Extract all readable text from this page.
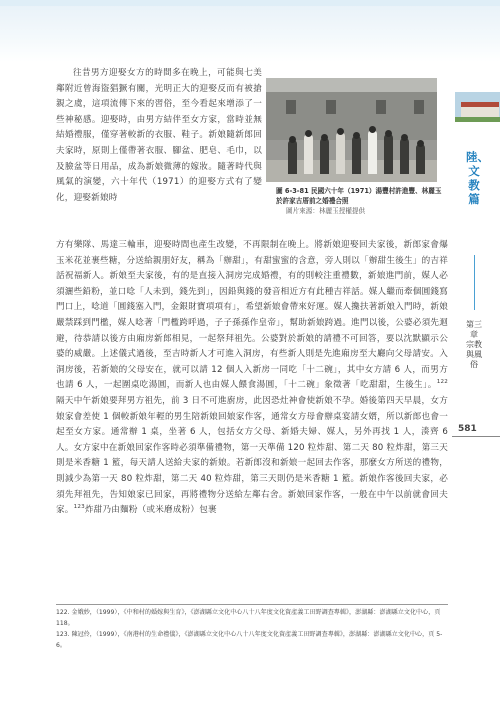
圖 6-3-81 民國六十年（1971）湯豐村許進豐、林麗玉於許家古厝前之婚禮合照
圖片來源：林麗玉授權提供

往昔男方迎娶女方的時間多在晚上，可能與七美鄰附近曾海盜猖獗有關，光明正大的迎娶反而有被搶親之虞，這項流傳下來的習俗，至今看起來增添了一些神秘感。迎娶時，由男方結伴至女方家，當時並無結婚禮服，僅穿著較新的衣服、鞋子。新娘隨新郎回夫家時，原則上僅帶著衣服、腳盆、肥皂、毛巾，以及臉盆等日用品，成為新娘微薄的嫁妝。隨著時代與風氣的演變，六十年代（1971）的迎娶方式有了變化，迎娶新娘時

方有樂隊、馬達三輪車，迎娶時間也產生改變，不再限制在晚上。將新娘迎娶回夫家後，新郎家會爆玉米花並裹些糖，分送給親朋好友，稱為「辦甜」，有甜蜜蜜的含意，旁人則以「辦甜生後生」的吉祥話祝福新人。新娘至夫家後，有的是直接入洞房完成婚禮，有的則較注重禮數，新娘進門前，媒人必須灑些鉛粉，並口唸「人未到，錢先到」，因鉛與錢的發音相近方有此種吉祥話。媒人繼而牽個圓錢寫門口上，唸道「圓錢塞入門，金銀財寶項項有」，希望新娘會帶來好運。媒人攙扶著新娘入門時，新娘嚴禁踩到門檻，媒人唸著「門檻跨呼過，子子孫孫作皇帝」，幫助新娘跨過。進門以後，公婆必須先迴避，待恭請以後方由廂房新郎相見，一起祭拜祖先。公婆對於新娘的請禮不可回答，要以沈默顯示公婆的威嚴。上述儀式過後，至吉時新人才可進入洞房，有些新人則是先進廂房至大廳向父母請安。入洞房後，若新娘的父母安在，就可以請 12 個人入新房一同吃「十二碗」，其中女方請 6 人，而男方也請 6 人，一起圍桌吃湯圓，而新人也由媒人餵食湯圓，「十二碗」象徵著「吃甜甜，生後生」。$^{122}$隔天中午新娘要拜男方祖先，前 3 日不可進廚房，此因恐灶神會使新娘不孕。婚後第四天早晨，女方娘家會差使 1 個較新娘年輕的男生陪新娘回娘家作客，通常女方母會辦桌宴請女婿，所以新郎也會一起至女方家。通常辦 1 桌，坐著 6 人，包括女方父母、新婚夫婦、媒人，另外再找 1 人，湊齊 6 人。女方家中在新娘回家作客時必須準備禮物，第一天準備 120 粒炸甜、第二天 80 粒炸甜，第三天則是米香糖 1 籃，每天請人送給夫家的新娘。若新郎沒和新娘一起回去作客，那麼女方所送的禮物，則減少為第一天 80 粒炸甜，第二天 40 粒炸甜，第三天則仍是米香糖 1 籃。新娘作客後回夫家，必須先拜祖先，告知娘家已回家，再將禮物分送給左鄰右舍。新娘回家作客，一般在中午以前就會回夫家。$^{123}$炸甜乃由麵粉（或米磨成粉）包裹

122. 金娥妙，（1999），《中和村的婚嫁與生育》，《澎湖縣立文化中心八十八年度文化資產義工田野調查專輯》，澎湖縣：澎湖縣立文化中心，頁 118。
123. 陳冠伶，（1999），《南港村的生命禮儀》，《澎湖縣立文化中心八十八年度文化資產義工田野調查專輯》，澎湖縣：澎湖縣立文化中心，頁 5-6。
陸、文教篇
第三章　宗教與風俗
581
